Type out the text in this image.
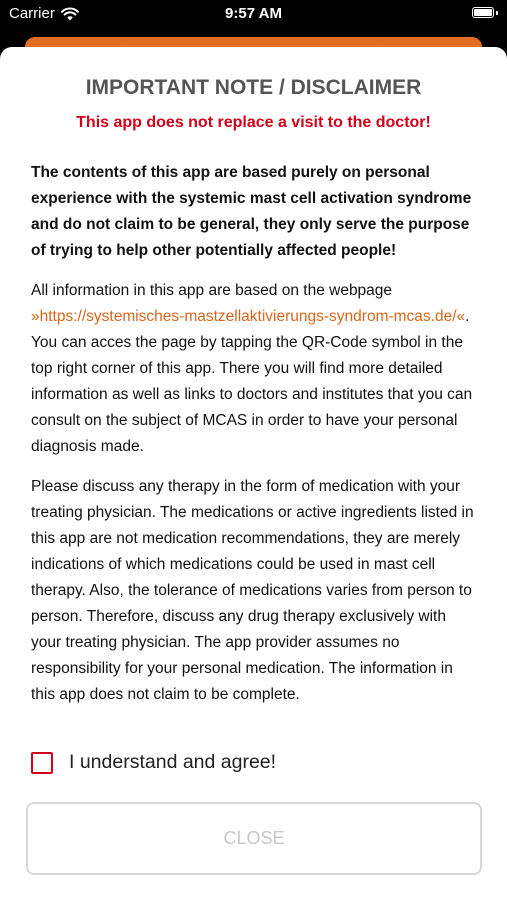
Carrier	9:57 AM
IMPORTANT NOTE / DISCLAIMER

This app does not replace a visit to the doctor!

The contents of this app are based purely on personal experience with the systemic mast cell activation syndrome and do not claim to be general, they only serve the purpose of trying to help other potentially affected people!

All information in this app are based on the webpage »https://systemisches-mastzellaktivierungs-syndrom-mcas.de/«. You can acces the page by tapping the QR-Code symbol in the top right corner of this app. There you will find more detailed information as well as links to doctors and institutes that you can consult on the subject of MCAS in order to have your personal diagnosis made.

Please discuss any therapy in the form of medication with your treating physician. The medications or active ingredients listed in this app are not medication recommendations, they are merely indications of which medications could be used in mast cell therapy. Also, the tolerance of medications varies from person to person. Therefore, discuss any drug therapy exclusively with your treating physician. The app provider assumes no responsibility for your personal medication. The information in this app does not claim to be complete.

I understand and agree!
CLOSE
